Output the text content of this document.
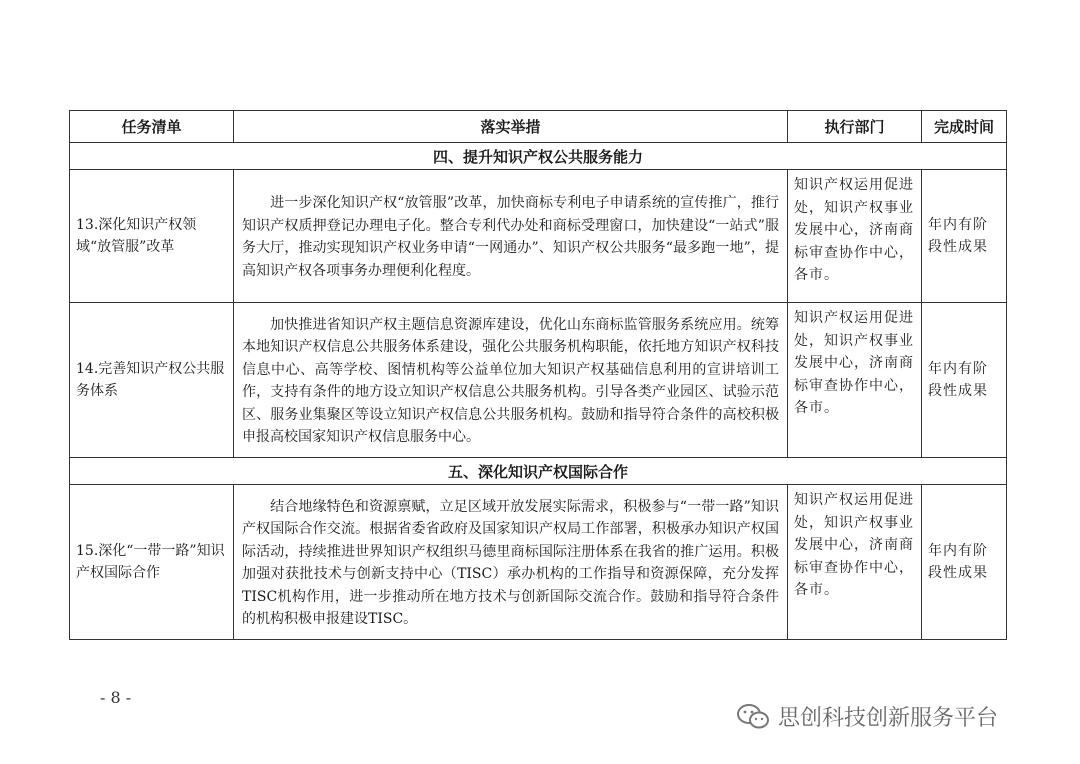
任务清单	落实举措	执行部门	完成时间
四、提升知识产权公共服务能力			
13.深化知识产权领域“放管服”改革	进一步深化知识产权“放管服”改革，加快商标专利电子申请系统的宣传推广，推行知识产权质押登记办理电子化。整合专利代办处和商标受理窗口，加快建设“一站式”服务大厅，推动实现知识产权业务申请“一网通办”、知识产权公共服务“最多跑一地”，提高知识产权各项事务办理便利化程度。	知识产权运用促进处，知识产权事业发展中心，济南商标审查协作中心，各市。	年内有阶段性成果
14.完善知识产权公共服务体系	加快推进省知识产权主题信息资源库建设，优化山东商标监管服务系统应用。统筹本地知识产权信息公共服务体系建设，强化公共服务机构职能，依托地方知识产权科技信息中心、高等学校、图情机构等公益单位加大知识产权基础信息利用的宣讲培训工作，支持有条件的地方设立知识产权信息公共服务机构。引导各类产业园区、试验示范区、服务业集聚区等设立知识产权信息公共服务机构。鼓励和指导符合条件的高校积极申报高校国家知识产权信息服务中心。	知识产权运用促进处，知识产权事业发展中心，济南商标审查协作中心，各市。	年内有阶段性成果
五、深化知识产权国际合作			
15.深化“一带一路”知识产权国际合作	结合地缘特色和资源禀赋，立足区域开放发展实际需求，积极参与“一带一路”知识产权国际合作交流。根据省委省政府及国家知识产权局工作部署，积极承办知识产权国际活动，持续推进世界知识产权组织马德里商标国际注册体系在我省的推广运用。积极加强对获批技术与创新支持中心（TISC）承办机构的工作指导和资源保障，充分发挥TISC机构作用，进一步推动所在地方技术与创新国际交流合作。鼓励和指导符合条件的机构积极申报建设TISC。	知识产权运用促进处，知识产权事业发展中心，济南商标审查协作中心，各市。	年内有阶段性成果
- 8 -
思创科技创新服务平台
